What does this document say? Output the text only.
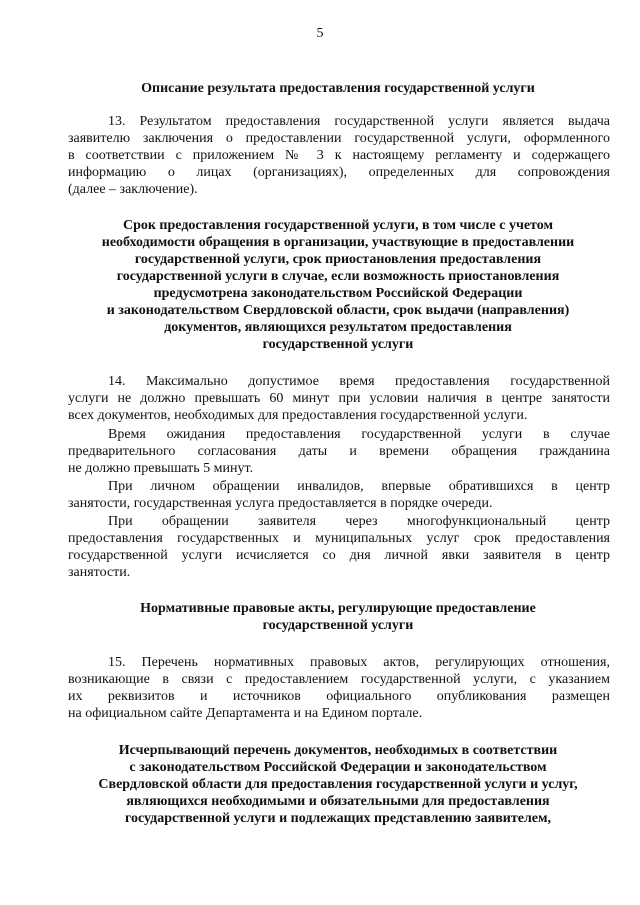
5
Описание результата предоставления государственной услуги
13. Результатом предоставления государственной услуги является выдача
заявителю заключения о предоставлении государственной услуги, оформленного
в соответствии с приложением № 3 к настоящему регламенту и содержащего
информацию о лицах (организациях), определенных для сопровождения
(далее – заключение).
Срок предоставления государственной услуги, в том числе с учетом
необходимости обращения в организации, участвующие в предоставлении
государственной услуги, срок приостановления предоставления
государственной услуги в случае, если возможность приостановления
предусмотрена законодательством Российской Федерации
и законодательством Свердловской области, срок выдачи (направления)
документов, являющихся результатом предоставления
государственной услуги
14. Максимально допустимое время предоставления государственной
услуги не должно превышать 60 минут при условии наличия в центре занятости
всех документов, необходимых для предоставления государственной услуги.
Время ожидания предоставления государственной услуги в случае
предварительного согласования даты и времени обращения гражданина
не должно превышать 5 минут.
При личном обращении инвалидов, впервые обратившихся в центр
занятости, государственная услуга предоставляется в порядке очереди.
При обращении заявителя через многофункциональный центр
предоставления государственных и муниципальных услуг срок предоставления
государственной услуги исчисляется со дня личной явки заявителя в центр
занятости.
Нормативные правовые акты, регулирующие предоставление
государственной услуги
15. Перечень нормативных правовых актов, регулирующих отношения,
возникающие в связи с предоставлением государственной услуги, с указанием
их реквизитов и источников официального опубликования размещен
на официальном сайте Департамента и на Едином портале.
Исчерпывающий перечень документов, необходимых в соответствии
с законодательством Российской Федерации и законодательством
Свердловской области для предоставления государственной услуги и услуг,
являющихся необходимыми и обязательными для предоставления
государственной услуги и подлежащих представлению заявителем,
